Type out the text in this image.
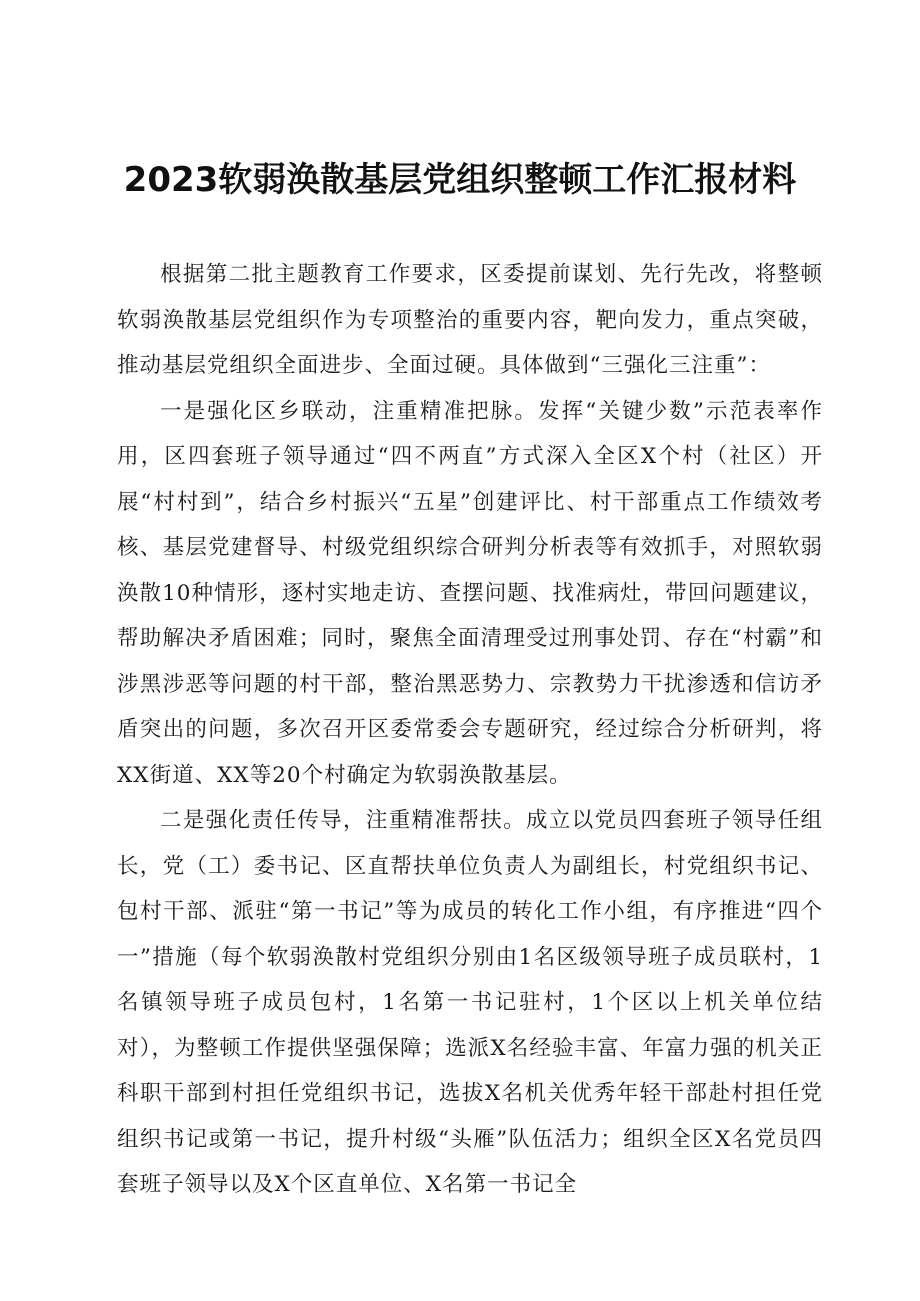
2023软弱涣散基层党组织整顿工作汇报材料

根据第二批主题教育工作要求，区委提前谋划、先行先改，将整顿软弱涣散基层党组织作为专项整治的重要内容，靶向发力，重点突破，推动基层党组织全面进步、全面过硬。具体做到“三强化三注重”：

一是强化区乡联动，注重精准把脉。发挥“关键少数”示范表率作用，区四套班子领导通过“四不两直”方式深入全区X个村（社区）开展“村村到”，结合乡村振兴“五星”创建评比、村干部重点工作绩效考核、基层党建督导、村级党组织综合研判分析表等有效抓手，对照软弱涣散10种情形，逐村实地走访、查摆问题、找准病灶，带回问题建议，帮助解决矛盾困难；同时，聚焦全面清理受过刑事处罚、存在“村霸”和涉黑涉恶等问题的村干部，整治黑恶势力、宗教势力干扰渗透和信访矛盾突出的问题，多次召开区委常委会专题研究，经过综合分析研判，将XX街道、XX等20个村确定为软弱涣散基层。

二是强化责任传导，注重精准帮扶。成立以党员四套班子领导任组长，党（工）委书记、区直帮扶单位负责人为副组长，村党组织书记、包村干部、派驻“第一书记”等为成员的转化工作小组，有序推进“四个一”措施（每个软弱涣散村党组织分别由1名区级领导班子成员联村，1名镇领导班子成员包村，1名第一书记驻村，1个区以上机关单位结对），为整顿工作提供坚强保障；选派X名经验丰富、年富力强的机关正科职干部到村担任党组织书记，选拔X名机关优秀年轻干部赴村担任党组织书记或第一书记，提升村级“头雁”队伍活力；组织全区X名党员四套班子领导以及X个区直单位、X名第一书记全
